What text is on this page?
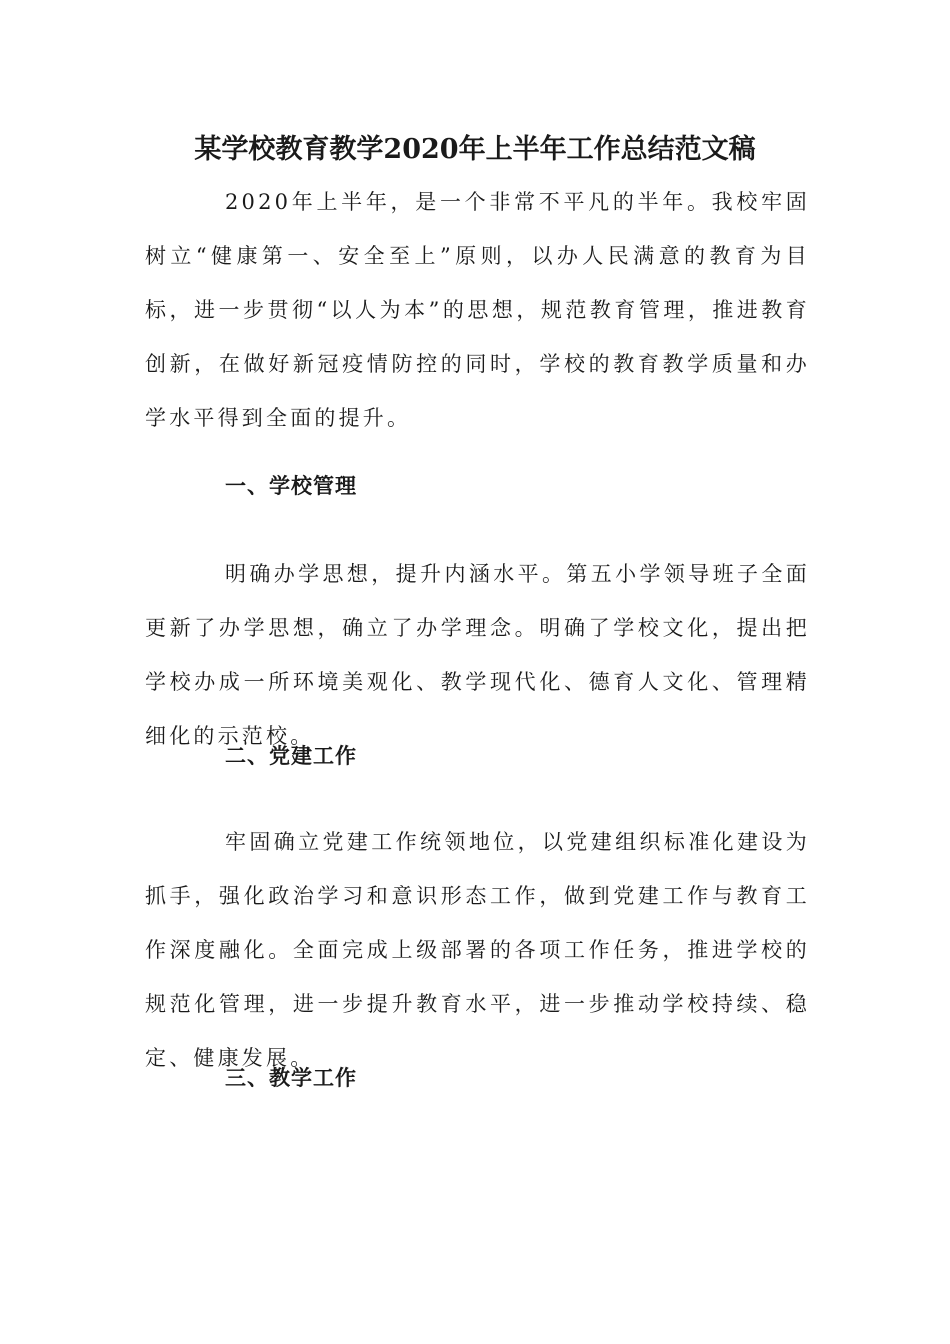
某学校教育教学2020年上半年工作总结范文稿

2020年上半年，是一个非常不平凡的半年。我校牢固树立“健康第一、安全至上”原则，以办人民满意的教育为目标，进一步贯彻“以人为本”的思想，规范教育管理，推进教育创新，在做好新冠疫情防控的同时，学校的教育教学质量和办学水平得到全面的提升。

一、学校管理

明确办学思想，提升内涵水平。第五小学领导班子全面更新了办学思想，确立了办学理念。明确了学校文化，提出把学校办成一所环境美观化、教学现代化、德育人文化、管理精细化的示范校。

二、党建工作

牢固确立党建工作统领地位，以党建组织标准化建设为抓手，强化政治学习和意识形态工作，做到党建工作与教育工作深度融化。全面完成上级部署的各项工作任务，推进学校的规范化管理，进一步提升教育水平，进一步推动学校持续、稳定、健康发展。

三、教学工作
